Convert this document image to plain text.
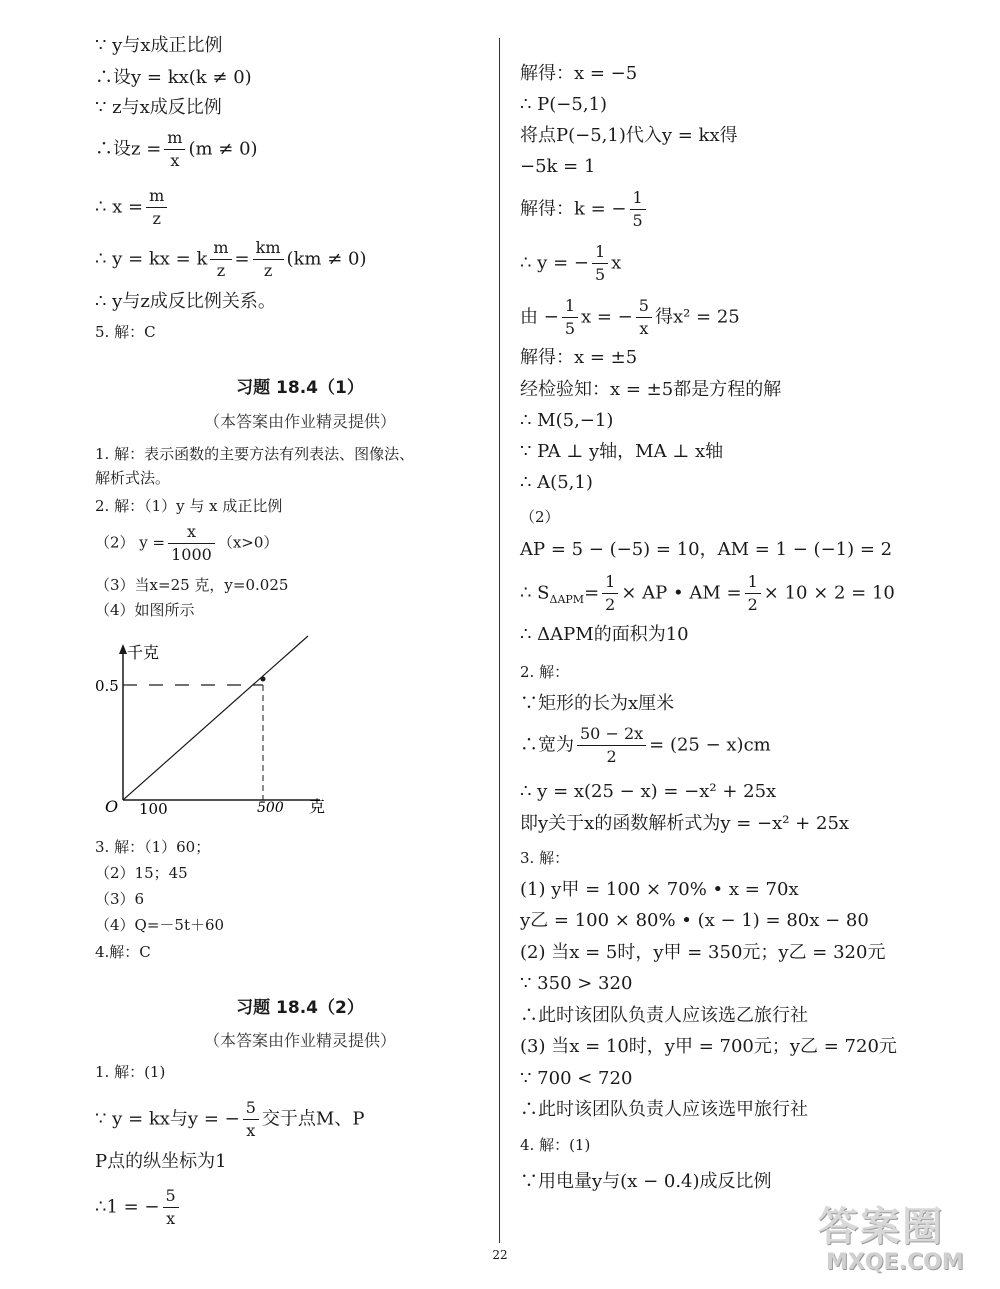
∵ y与x成正比例
∴设y = kx(k ≠ 0)
∵ z与x成反比例
∴设$z = \frac{m}{x} (m \ne 0)$
∴ $x = \frac{m}{z}$
∴ y = kx = k $\frac{m}{z} = \frac{km}{z} (km \ne 0)$
∴ y与z成反比例关系。
5. 解：C
习题 18.4（1）
（本答案由作业精灵提供）
1. 解：表示函数的主要方法有列表法、图像法、
解析式法。
2. 解：（1）y 与 x 成正比例
（2） $y = \frac{x}{1000} (x>0)$
（3）当x=25 克，y=0.025
（4）如图所示
3. 解：（1）60；
（2）15；45
（3）6
（4）Q=－5t＋60
4.解：C
习题 18.4（2）
（本答案由作业精灵提供）
1. 解：(1)
∵ y = kx与y = − $\frac{5}{x}$ 交于点M、P
P点的纵坐标为1
∴1 = − $\frac{5}{x}$
千克
0.5
O 100	500 克
解得：x = −5
∴ P(−5,1)
将点P(−5,1)代入y = kx得
−5k = 1
解得：k = − $\frac{1}{5}$
∴ y = − $\frac{1}{5}$ x
由 − $\frac{1}{5}$ x = − $\frac{5}{x}$ 得x² = 25
解得：x = ±5
经检验知：x = ±5都是方程的解
∴ M(5,−1)
∵ PA ⊥ y轴，MA ⊥ x轴
∴ A(5,1)
（2）
AP = 5 − (−5) = 10，AM = 1 − (−1) = 2
∴ $S_{\Delta APM}= \frac{1}{2}$ × AP • AM = $\frac{1}{2} \times 10 \times 2 = 10$
∴ ΔAPM的面积为10
2. 解：
∵矩形的长为x厘米
∴宽为 $\frac{50 - 2x}{2} = (25 - x)cm$
∴ y = x(25 − x) = −x² + 25x
即y关于x的函数解析式为y = −x² + 25x
3. 解：
(1) y甲 = 100 × 70% • x = 70x
y乙 = 100 × 80% • (x − 1) = 80x − 80
(2) 当x = 5时，y甲 = 350元；y乙 = 320元
∵ 350 > 320
∴此时该团队负责人应该选乙旅行社
(3) 当x = 10时，y甲 = 700元；y乙 = 720元
∵ 700 < 720
∴此时该团队负责人应该选甲旅行社
4. 解：(1)
∵用电量y与(x − 0.4)成反比例
22
答案圈
MXQE.COM
